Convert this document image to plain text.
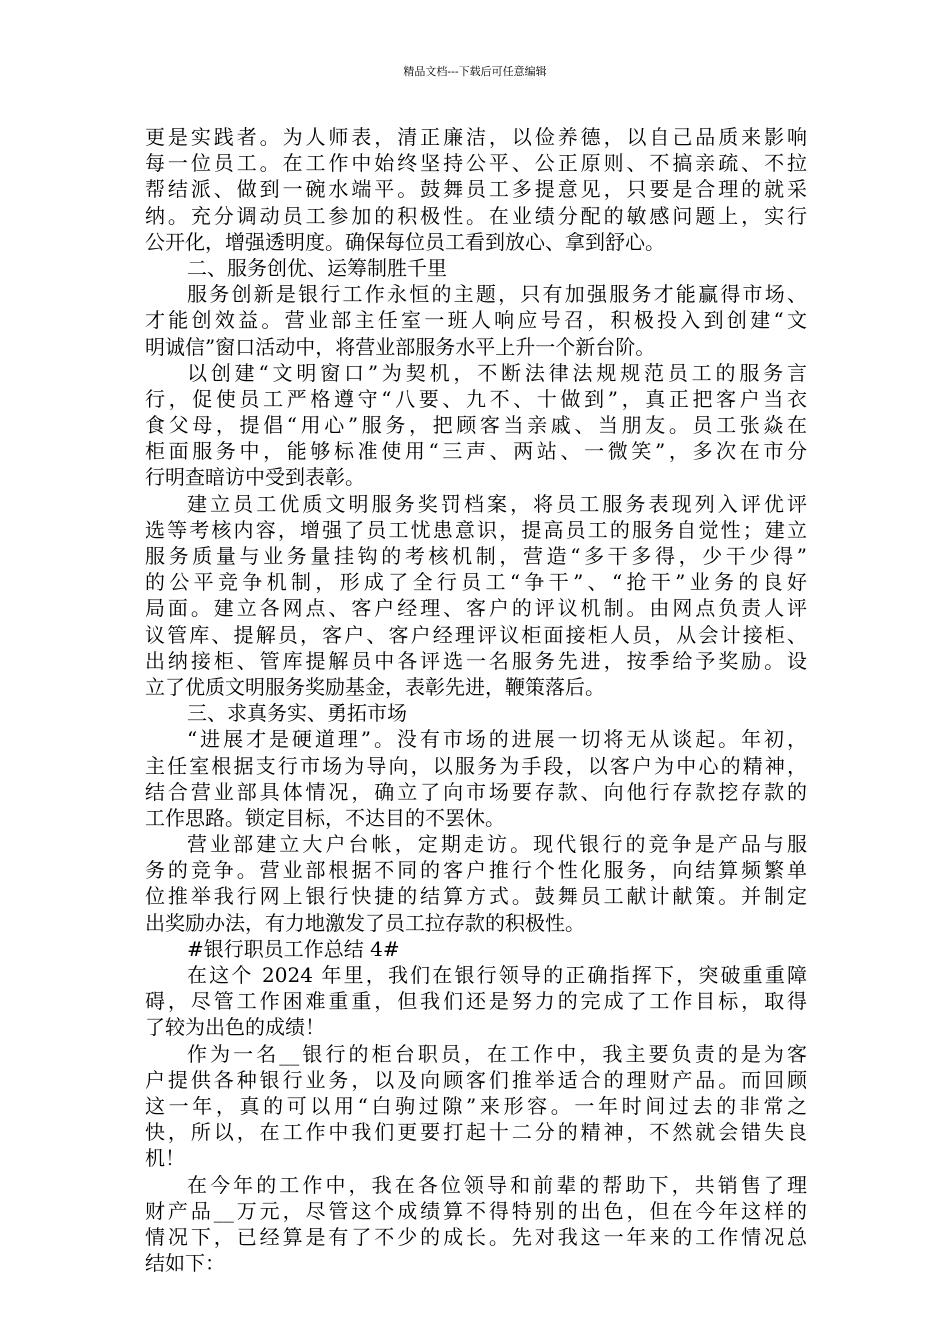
精品文档---下载后可任意编辑
更是实践者。为人师表，清正廉洁，以俭养德，以自己品质来影响
每一位员工。在工作中始终坚持公平、公正原则、不搞亲疏、不拉
帮结派、做到一碗水端平。鼓舞员工多提意见，只要是合理的就采
纳。充分调动员工参加的积极性。在业绩分配的敏感问题上，实行
公开化，增强透明度。确保每位员工看到放心、拿到舒心。
二、服务创优、运筹制胜千里
服务创新是银行工作永恒的主题，只有加强服务才能赢得市场、
才能创效益。营业部主任室一班人响应号召，积极投入到创建“文
明诚信”窗口活动中，将营业部服务水平上升一个新台阶。
以创建“文明窗口”为契机，不断法律法规规范员工的服务言
行，促使员工严格遵守“八要、九不、十做到”，真正把客户当衣
食父母，提倡“用心”服务，把顾客当亲戚、当朋友。员工张焱在
柜面服务中，能够标准使用“三声、两站、一微笑”，多次在市分
行明查暗访中受到表彰。
建立员工优质文明服务奖罚档案，将员工服务表现列入评优评
选等考核内容，增强了员工忧患意识，提高员工的服务自觉性；建立
服务质量与业务量挂钩的考核机制，营造“多干多得，少干少得”
的公平竞争机制，形成了全行员工“争干”、“抢干”业务的良好
局面。建立各网点、客户经理、客户的评议机制。由网点负责人评
议管库、提解员，客户、客户经理评议柜面接柜人员，从会计接柜、
出纳接柜、管库提解员中各评选一名服务先进，按季给予奖励。设
立了优质文明服务奖励基金，表彰先进，鞭策落后。
三、求真务实、勇拓市场
“进展才是硬道理”。没有市场的进展一切将无从谈起。年初，
主任室根据支行市场为导向，以服务为手段，以客户为中心的精神，
结合营业部具体情况，确立了向市场要存款、向他行存款挖存款的
工作思路。锁定目标，不达目的不罢休。
营业部建立大户台帐，定期走访。现代银行的竞争是产品与服
务的竞争。营业部根据不同的客户推行个性化服务，向结算频繁单
位推举我行网上银行快捷的结算方式。鼓舞员工献计献策。并制定
出奖励办法，有力地激发了员工拉存款的积极性。
#银行职员工作总结 4#
在这个 2024 年里，我们在银行领导的正确指挥下，突破重重障
碍，尽管工作困难重重，但我们还是努力的完成了工作目标，取得
了较为出色的成绩！
作为一名__银行的柜台职员，在工作中，我主要负责的是为客
户提供各种银行业务，以及向顾客们推举适合的理财产品。而回顾
这一年，真的可以用“白驹过隙”来形容。一年时间过去的非常之
快，所以，在工作中我们更要打起十二分的精神，不然就会错失良
机！
在今年的工作中，我在各位领导和前辈的帮助下，共销售了理
财产品__万元，尽管这个成绩算不得特别的出色，但在今年这样的
情况下，已经算是有了不少的成长。先对我这一年来的工作情况总
结如下：
